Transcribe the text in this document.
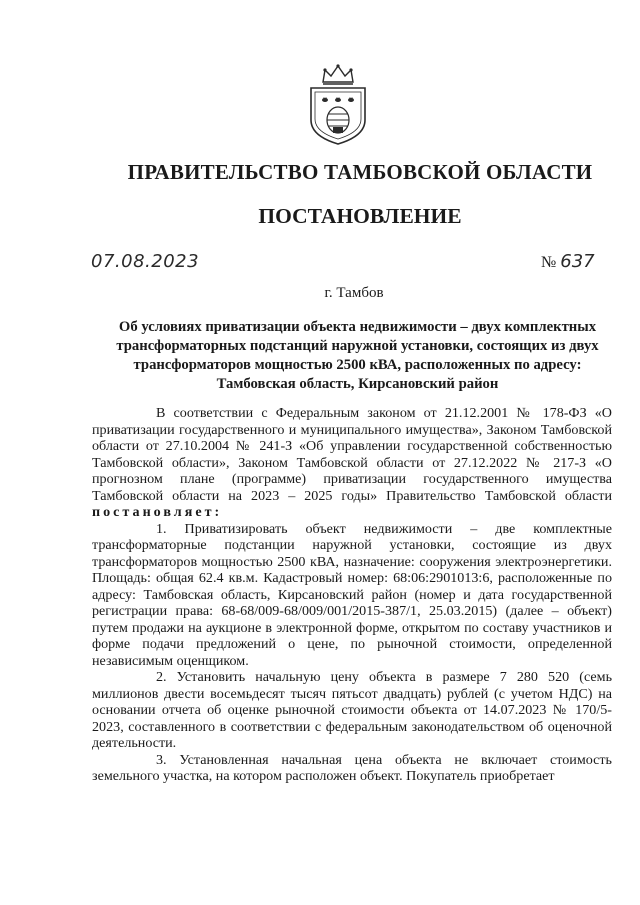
ПРАВИТЕЛЬСТВО ТАМБОВСКОЙ ОБЛАСТИ
ПОСТАНОВЛЕНИЕ
07.08.2023	№ 637
г. Тамбов
Об условиях приватизации объекта недвижимости – двух комплектных
трансформаторных подстанций наружной установки, состоящих из двух
трансформаторов мощностью 2500 кВА, расположенных по адресу:
Тамбовская область, Кирсановский район

В соответствии с Федеральным законом от 21.12.2001 № 178-ФЗ «О приватизации государственного и муниципального имущества», Законом Тамбовской области от 27.10.2004 № 241-З «Об управлении государственной собственностью Тамбовской области», Законом Тамбовской области от 27.12.2022 № 217-З «О прогнозном плане (программе) приватизации государственного имущества Тамбовской области на 2023 – 2025 годы» Правительство Тамбовской области постановляет:

1. Приватизировать объект недвижимости – две комплектные трансформаторные подстанции наружной установки, состоящие из двух трансформаторов мощностью 2500 кВА, назначение: сооружения электроэнергетики. Площадь: общая 62.4 кв.м. Кадастровый номер: 68:06:2901013:6, расположенные по адресу: Тамбовская область, Кирсановский район (номер и дата государственной регистрации права: 68-68/009-68/009/001/2015-387/1, 25.03.2015) (далее – объект) путем продажи на аукционе в электронной форме, открытом по составу участников и форме подачи предложений о цене, по рыночной стоимости, определенной независимым оценщиком.

2. Установить начальную цену объекта в размере 7 280 520 (семь миллионов двести восемьдесят тысяч пятьсот двадцать) рублей (с учетом НДС) на основании отчета об оценке рыночной стоимости объекта от 14.07.2023 № 170/5-2023, составленного в соответствии с федеральным законодательством об оценочной деятельности.

3. Установленная начальная цена объекта не включает стоимость земельного участка, на котором расположен объект. Покупатель приобретает
